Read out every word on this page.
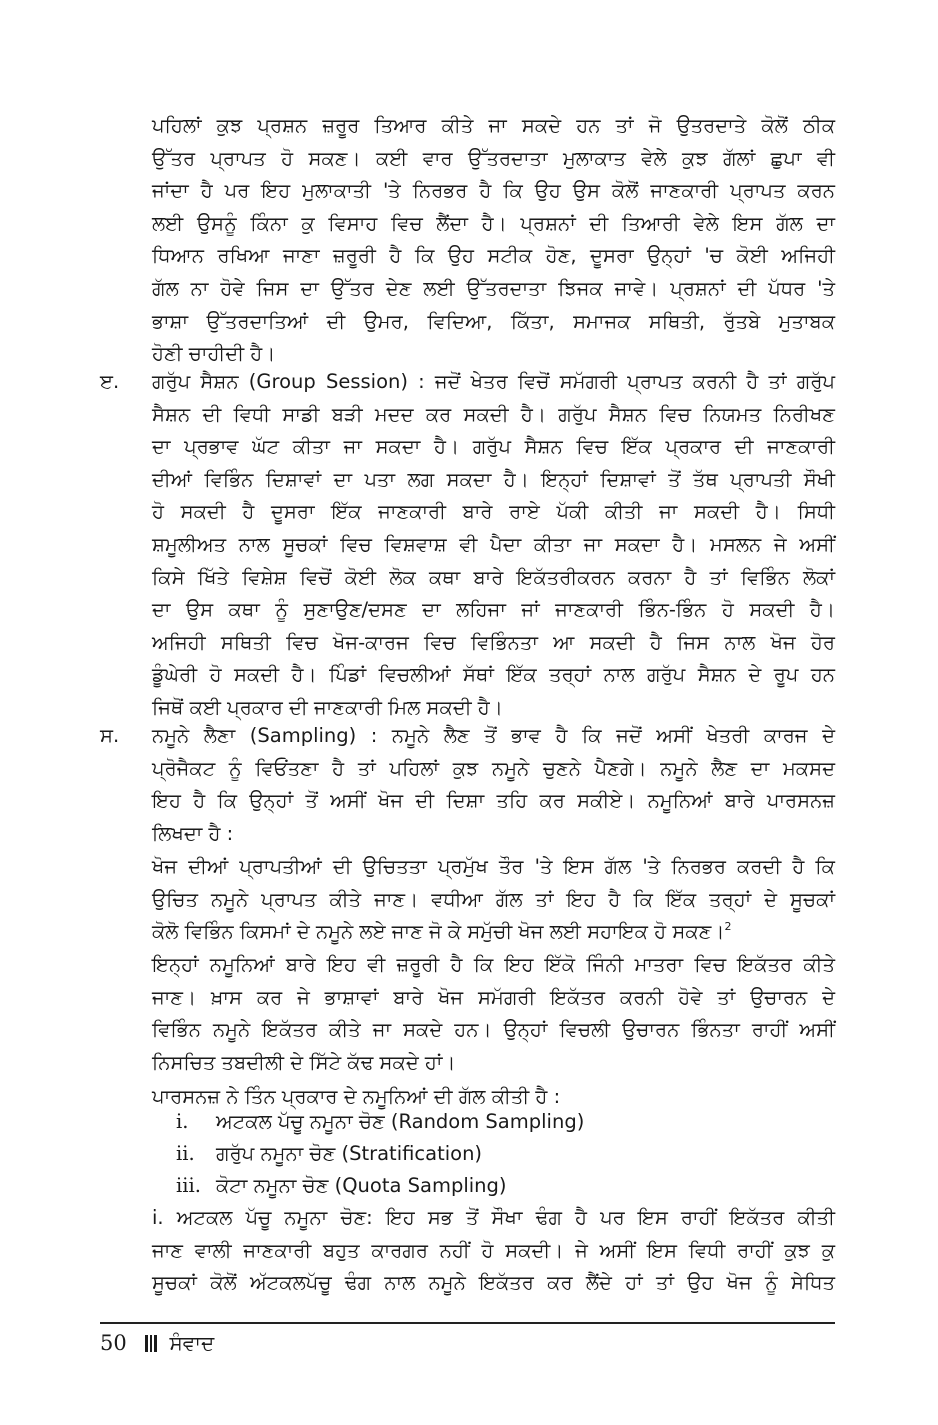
ਪਹਿਲਾਂ ਕੁਝ ਪ੍ਰਸ਼ਨ ਜ਼ਰੂਰ ਤਿਆਰ ਕੀਤੇ ਜਾ ਸਕਦੇ ਹਨ ਤਾਂ ਜੋ ਉਤਰਦਾਤੇ ਕੋਲੋਂ ਠੀਕ
ਉੱਤਰ ਪ੍ਰਾਪਤ ਹੋ ਸਕਣ। ਕਈ ਵਾਰ ਉੱਤਰਦਾਤਾ ਮੁਲਾਕਾਤ ਵੇਲੇ ਕੁਝ ਗੱਲਾਂ ਛੁਪਾ ਵੀ
ਜਾਂਦਾ ਹੈ ਪਰ ਇਹ ਮੁਲਾਕਾਤੀ 'ਤੇ ਨਿਰਭਰ ਹੈ ਕਿ ਉਹ ਉਸ ਕੋਲੋਂ ਜਾਣਕਾਰੀ ਪ੍ਰਾਪਤ ਕਰਨ
ਲਈ ਉਸਨੂੰ ਕਿੰਨਾ ਕੁ ਵਿਸਾਹ ਵਿਚ ਲੈਂਦਾ ਹੈ। ਪ੍ਰਸ਼ਨਾਂ ਦੀ ਤਿਆਰੀ ਵੇਲੇ ਇਸ ਗੱਲ ਦਾ
ਧਿਆਨ ਰਖਿਆ ਜਾਣਾ ਜ਼ਰੂਰੀ ਹੈ ਕਿ ਉਹ ਸਟੀਕ ਹੋਣ, ਦੂਸਰਾ ਉਨ੍ਹਾਂ 'ਚ ਕੋਈ ਅਜਿਹੀ
ਗੱਲ ਨਾ ਹੋਵੇ ਜਿਸ ਦਾ ਉੱਤਰ ਦੇਣ ਲਈ ਉੱਤਰਦਾਤਾ ਝਿਜਕ ਜਾਵੇ। ਪ੍ਰਸ਼ਨਾਂ ਦੀ ਪੱਧਰ 'ਤੇ
ਭਾਸ਼ਾ ਉੱਤਰਦਾਤਿਆਂ ਦੀ ਉਮਰ, ਵਿਦਿਆ, ਕਿੱਤਾ, ਸਮਾਜਕ ਸਥਿਤੀ, ਰੁੱਤਬੇ ਮੁਤਾਬਕ
ਹੋਣੀ ਚਾਹੀਦੀ ਹੈ।
ੲ. ਗਰੁੱਪ ਸੈਸ਼ਨ (Group Session) : ਜਦੋਂ ਖੇਤਰ ਵਿਚੋਂ ਸਮੱਗਰੀ ਪ੍ਰਾਪਤ ਕਰਨੀ ਹੈ ਤਾਂ ਗਰੁੱਪ
ਸੈਸ਼ਨ ਦੀ ਵਿਧੀ ਸਾਡੀ ਬੜੀ ਮਦਦ ਕਰ ਸਕਦੀ ਹੈ। ਗਰੁੱਪ ਸੈਸ਼ਨ ਵਿਚ ਨਿਯਮਤ ਨਿਰੀਖਣ
ਦਾ ਪ੍ਰਭਾਵ ਘੱਟ ਕੀਤਾ ਜਾ ਸਕਦਾ ਹੈ। ਗਰੁੱਪ ਸੈਸ਼ਨ ਵਿਚ ਇੱਕ ਪ੍ਰਕਾਰ ਦੀ ਜਾਣਕਾਰੀ
ਦੀਆਂ ਵਿਭਿੰਨ ਦਿਸ਼ਾਵਾਂ ਦਾ ਪਤਾ ਲਗ ਸਕਦਾ ਹੈ। ਇਨ੍ਹਾਂ ਦਿਸ਼ਾਵਾਂ ਤੋਂ ਤੱਥ ਪ੍ਰਾਪਤੀ ਸੌਖੀ
ਹੋ ਸਕਦੀ ਹੈ ਦੂਸਰਾ ਇੱਕ ਜਾਣਕਾਰੀ ਬਾਰੇ ਰਾਏ ਪੱਕੀ ਕੀਤੀ ਜਾ ਸਕਦੀ ਹੈ। ਸਿਧੀ
ਸ਼ਮੂਲੀਅਤ ਨਾਲ ਸੂਚਕਾਂ ਵਿਚ ਵਿਸ਼ਵਾਸ਼ ਵੀ ਪੈਦਾ ਕੀਤਾ ਜਾ ਸਕਦਾ ਹੈ। ਮਸਲਨ ਜੇ ਅਸੀਂ
ਕਿਸੇ ਖਿੱਤੇ ਵਿਸ਼ੇਸ਼ ਵਿਚੋਂ ਕੋਈ ਲੋਕ ਕਥਾ ਬਾਰੇ ਇਕੱਤਰੀਕਰਨ ਕਰਨਾ ਹੈ ਤਾਂ ਵਿਭਿੰਨ ਲੋਕਾਂ
ਦਾ ਉਸ ਕਥਾ ਨੂੰ ਸੁਣਾਉਣ/ਦਸਣ ਦਾ ਲਹਿਜਾ ਜਾਂ ਜਾਣਕਾਰੀ ਭਿੰਨ-ਭਿੰਨ ਹੋ ਸਕਦੀ ਹੈ।
ਅਜਿਹੀ ਸਥਿਤੀ ਵਿਚ ਖੋਜ-ਕਾਰਜ ਵਿਚ ਵਿਭਿੰਨਤਾ ਆ ਸਕਦੀ ਹੈ ਜਿਸ ਨਾਲ ਖੋਜ ਹੋਰ
ਡੂੰਘੇਰੀ ਹੋ ਸਕਦੀ ਹੈ। ਪਿੰਡਾਂ ਵਿਚਲੀਆਂ ਸੱਥਾਂ ਇੱਕ ਤਰ੍ਹਾਂ ਨਾਲ ਗਰੁੱਪ ਸੈਸ਼ਨ ਦੇ ਰੂਪ ਹਨ
ਜਿਥੋਂ ਕਈ ਪ੍ਰਕਾਰ ਦੀ ਜਾਣਕਾਰੀ ਮਿਲ ਸਕਦੀ ਹੈ।
ਸ. ਨਮੂਨੇ ਲੈਣਾ (Sampling) : ਨਮੂਨੇ ਲੈਣ ਤੋਂ ਭਾਵ ਹੈ ਕਿ ਜਦੋਂ ਅਸੀਂ ਖੇਤਰੀ ਕਾਰਜ ਦੇ
ਪ੍ਰੋਜੈਕਟ ਨੂੰ ਵਿਓਂਤਣਾ ਹੈ ਤਾਂ ਪਹਿਲਾਂ ਕੁਝ ਨਮੂਨੇ ਚੁਣਨੇ ਪੈਣਗੇ। ਨਮੂਨੇ ਲੈਣ ਦਾ ਮਕਸਦ
ਇਹ ਹੈ ਕਿ ਉਨ੍ਹਾਂ ਤੋਂ ਅਸੀਂ ਖੋਜ ਦੀ ਦਿਸ਼ਾ ਤਹਿ ਕਰ ਸਕੀਏ। ਨਮੂਨਿਆਂ ਬਾਰੇ ਪਾਰਸਨਜ਼
ਲਿਖਦਾ ਹੈ :
ਖੋਜ ਦੀਆਂ ਪ੍ਰਾਪਤੀਆਂ ਦੀ ਉਚਿਤਤਾ ਪ੍ਰਮੁੱਖ ਤੌਰ 'ਤੇ ਇਸ ਗੱਲ 'ਤੇ ਨਿਰਭਰ ਕਰਦੀ ਹੈ ਕਿ
ਉਚਿਤ ਨਮੂਨੇ ਪ੍ਰਾਪਤ ਕੀਤੇ ਜਾਣ। ਵਧੀਆ ਗੱਲ ਤਾਂ ਇਹ ਹੈ ਕਿ ਇੱਕ ਤਰ੍ਹਾਂ ਦੇ ਸੂਚਕਾਂ
ਕੋਲੋ ਵਿਭਿੰਨ ਕਿਸਮਾਂ ਦੇ ਨਮੂਨੇ ਲਏ ਜਾਣ ਜੋ ਕੇ ਸਮੁੱਚੀ ਖੋਜ ਲਈ ਸਹਾਇਕ ਹੋ ਸਕਣ।$^2$
ਇਨ੍ਹਾਂ ਨਮੂਨਿਆਂ ਬਾਰੇ ਇਹ ਵੀ ਜ਼ਰੂਰੀ ਹੈ ਕਿ ਇਹ ਇੱਕੋ ਜਿੰਨੀ ਮਾਤਰਾ ਵਿਚ ਇਕੱਤਰ ਕੀਤੇ
ਜਾਣ। ਖ਼ਾਸ ਕਰ ਜੇ ਭਾਸ਼ਾਵਾਂ ਬਾਰੇ ਖੋਜ ਸਮੱਗਰੀ ਇਕੱਤਰ ਕਰਨੀ ਹੋਵੇ ਤਾਂ ਉਚਾਰਨ ਦੇ
ਵਿਭਿੰਨ ਨਮੂਨੇ ਇਕੱਤਰ ਕੀਤੇ ਜਾ ਸਕਦੇ ਹਨ। ਉਨ੍ਹਾਂ ਵਿਚਲੀ ਉਚਾਰਨ ਭਿੰਨਤਾ ਰਾਹੀਂ ਅਸੀਂ
ਨਿਸਚਿਤ ਤਬਦੀਲੀ ਦੇ ਸਿੱਟੇ ਕੱਢ ਸਕਦੇ ਹਾਂ।
ਪਾਰਸਨਜ਼ ਨੇ ਤਿੰਨ ਪ੍ਰਕਾਰ ਦੇ ਨਮੂਨਿਆਂ ਦੀ ਗੱਲ ਕੀਤੀ ਹੈ :
i. ਅਟਕਲ ਪੱਚੂ ਨਮੂਨਾ ਚੋਣ (Random Sampling)
ii. ਗਰੁੱਪ ਨਮੂਨਾ ਚੋਣ (Stratification)
iii. ਕੋਟਾ ਨਮੂਨਾ ਚੋਣ (Quota Sampling)
i. ਅਟਕਲ ਪੱਚੂ ਨਮੂਨਾ ਚੋਣ: ਇਹ ਸਭ ਤੋਂ ਸੌਖਾ ਢੰਗ ਹੈ ਪਰ ਇਸ ਰਾਹੀਂ ਇਕੱਤਰ ਕੀਤੀ
ਜਾਣ ਵਾਲੀ ਜਾਣਕਾਰੀ ਬਹੁਤ ਕਾਰਗਰ ਨਹੀਂ ਹੋ ਸਕਦੀ। ਜੇ ਅਸੀਂ ਇਸ ਵਿਧੀ ਰਾਹੀਂ ਕੁਝ ਕੁ
ਸੂਚਕਾਂ ਕੋਲੋਂ ਅੱਟਕਲਪੱਚੂ ਢੰਗ ਨਾਲ ਨਮੂਨੇ ਇਕੱਤਰ ਕਰ ਲੈਂਦੇ ਹਾਂ ਤਾਂ ਉਹ ਖੋਜ ਨੂੰ ਸੇਧਿਤ
50 ਸੰਵਾਦ
